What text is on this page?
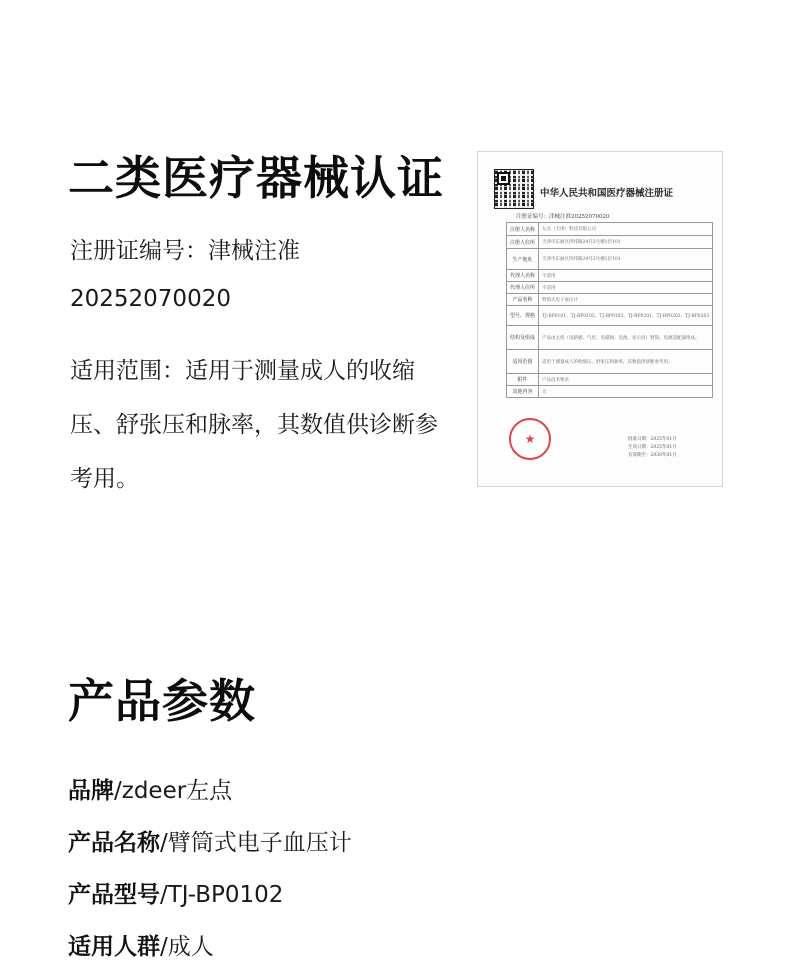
二类医疗器械认证

注册证编号：津械注准

20252070020

适用范围：适用于测量成人的收缩压、舒张压和脉率，其数值供诊断参考用。

中华人民共和国医疗器械注册证
注册证编号：津械注准20252070020
注册人名称	左点（天津）科技有限公司
注册人住所	天津市东丽区四纬路24号2号楼1层101
生产地址	天津市东丽区四纬路24号2号楼1层101
代理人名称	不适用
代理人住所	不适用
产品名称	臂筒式电子血压计
型号、规格	TJ-BP0101、TJ-BP0102、TJ-BP0103、TJ-BP0201、TJ-BP0202、TJ-BP0203
结构及组成	产品由主机（电路板、气泵、电磁阀、电池、显示屏）臂筒、电源适配器组成。
适用范围	适用于测量成人的收缩压、舒张压和脉率，其数值供诊断参考用。
附件	产品技术要求
其他内容	无
批准日期：2025年01月
生效日期：2025年01月
有效期至：2030年01月
★
产品参数

品牌/zdeer左点

产品名称/臂筒式电子血压计

产品型号/TJ-BP0102

适用人群/成人
